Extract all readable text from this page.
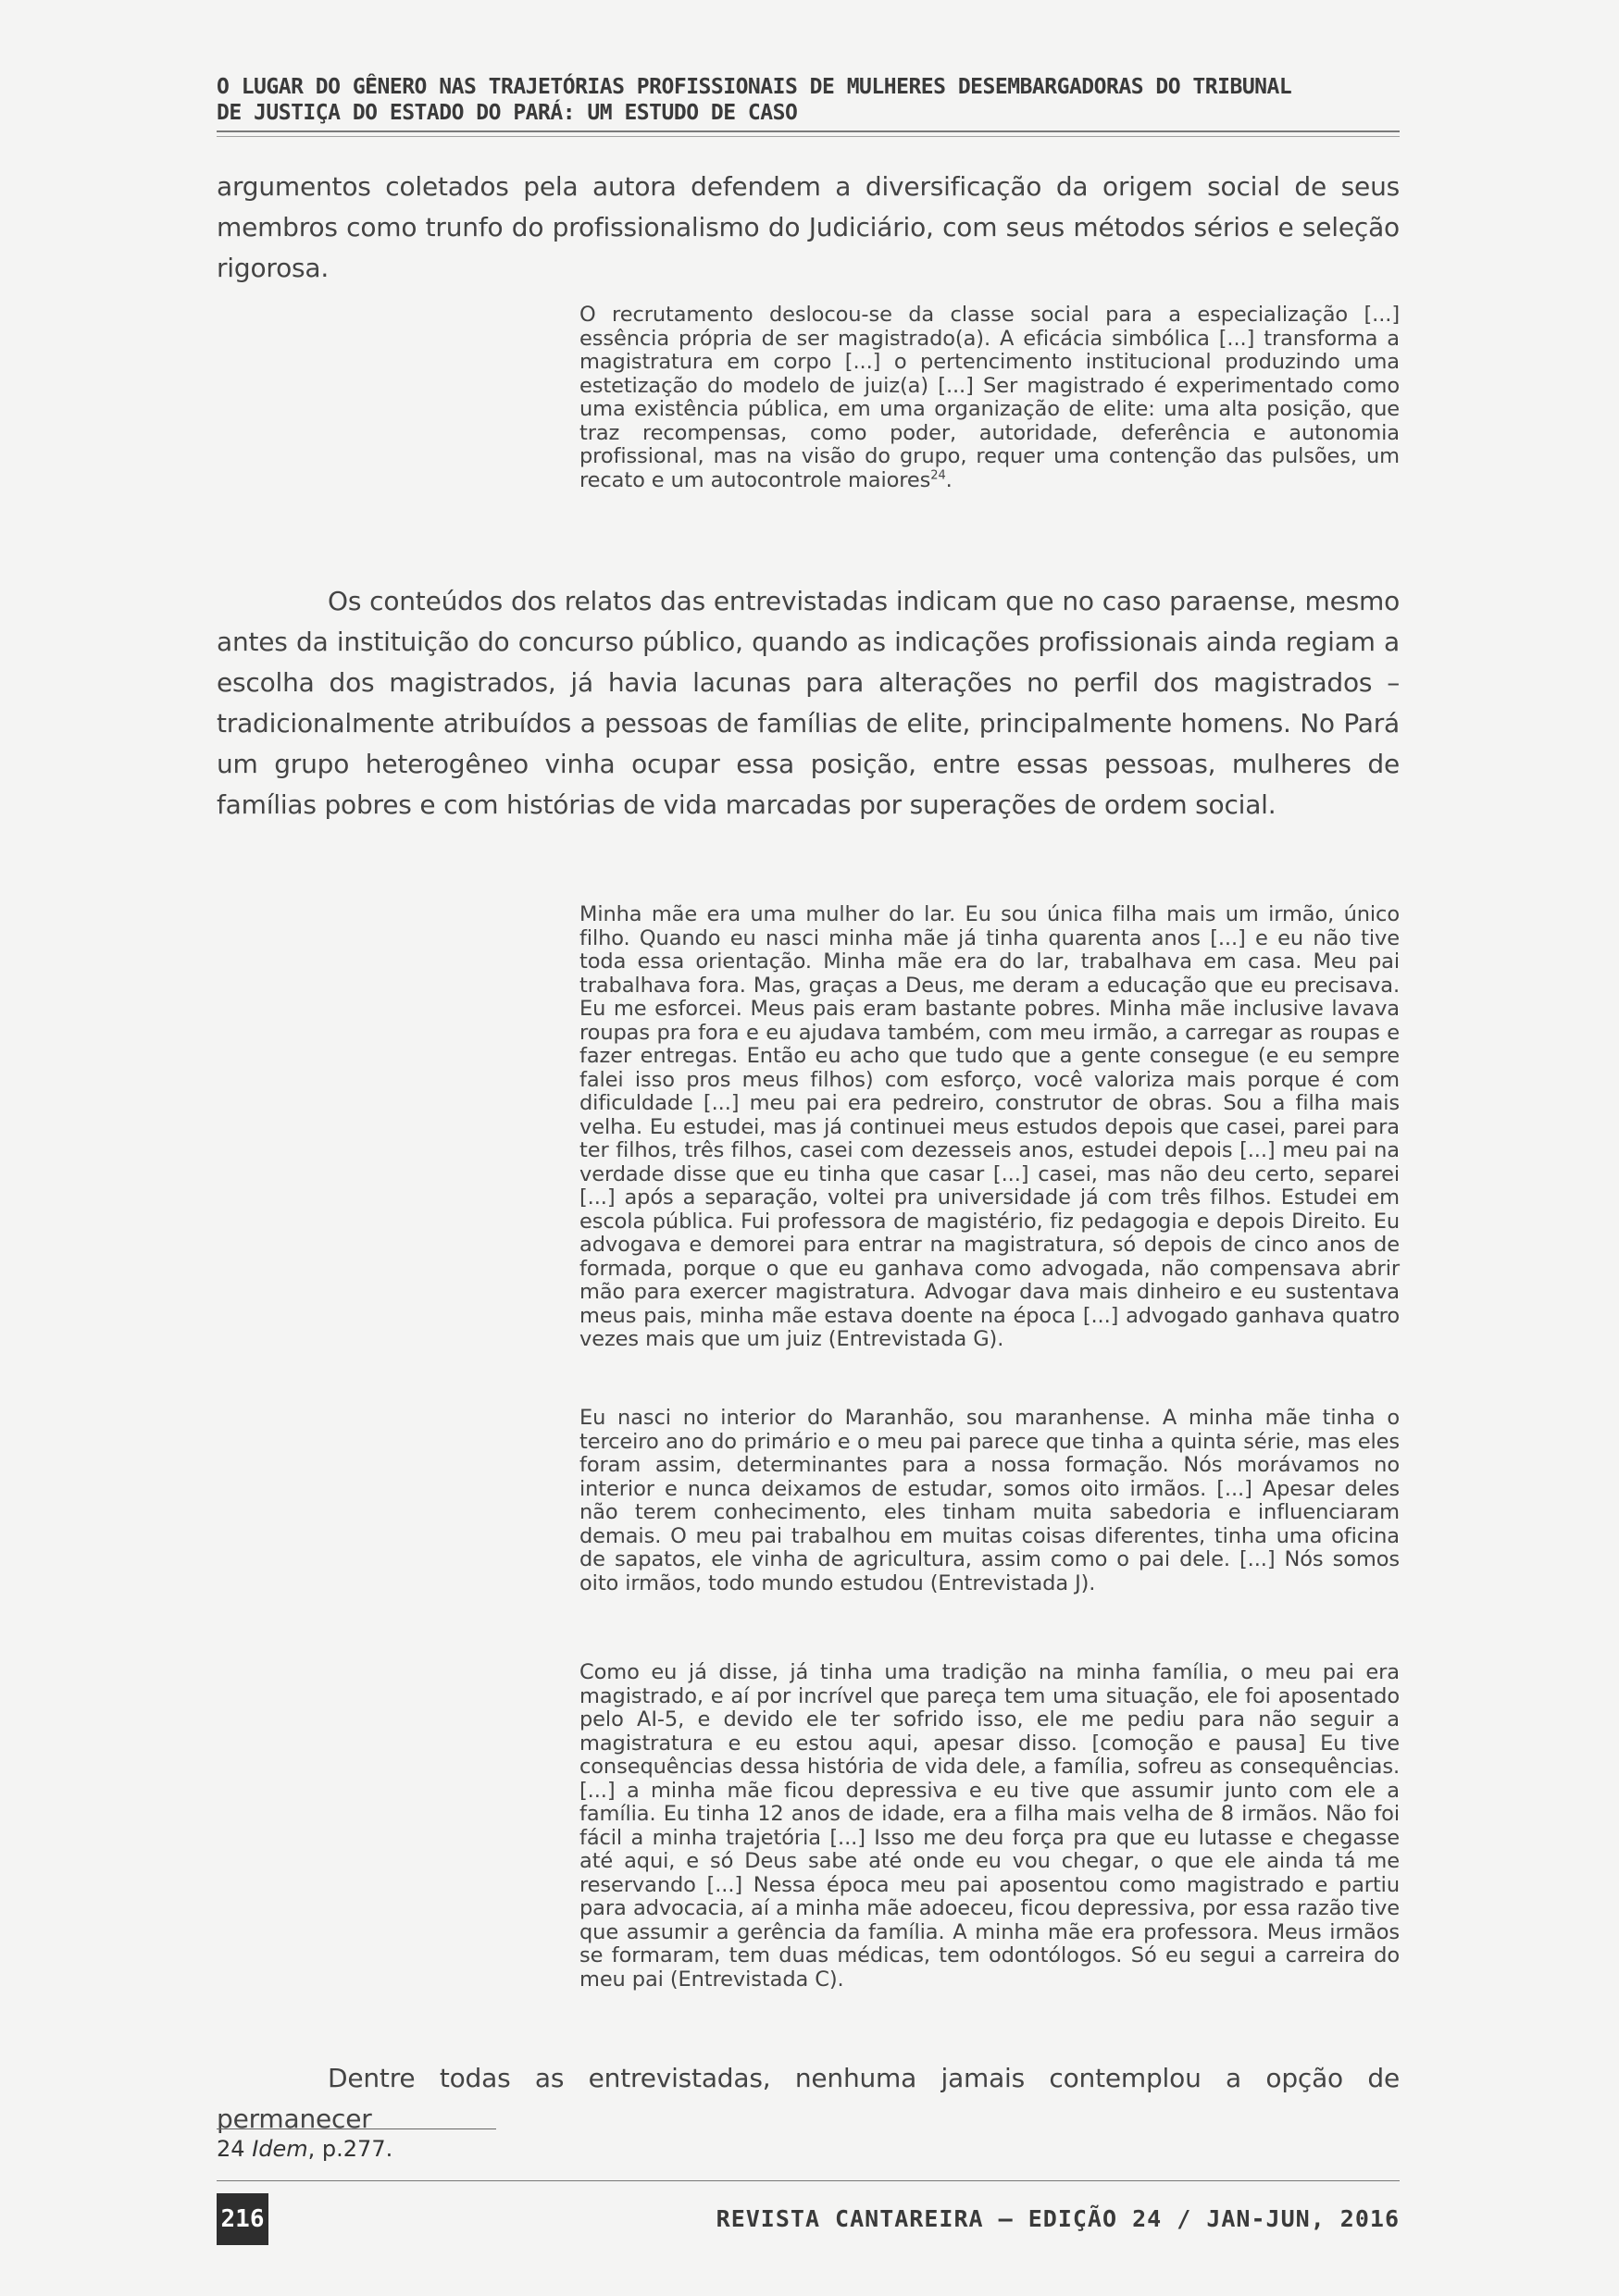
O LUGAR DO GÊNERO NAS TRAJETÓRIAS PROFISSIONAIS DE MULHERES DESEMBARGADORAS DO TRIBUNAL
DE JUSTIÇA DO ESTADO DO PARÁ: UM ESTUDO DE CASO

argumentos coletados pela autora defendem a diversificação da origem social de seus membros como trunfo do profissionalismo do Judiciário, com seus métodos sérios e seleção rigorosa.

O recrutamento deslocou-se da classe social para a especialização [...] essência própria de ser magistrado(a). A eficácia simbólica [...] transforma a magistratura em corpo [...] o pertencimento institucional produzindo uma estetização do modelo de juiz(a) [...] Ser magistrado é experimentado como uma existência pública, em uma organização de elite: uma alta posição, que traz recompensas, como poder, autoridade, deferência e autonomia profissional, mas na visão do grupo, requer uma contenção das pulsões, um recato e um autocontrole maiores$^{24}$.

Os conteúdos dos relatos das entrevistadas indicam que no caso paraense, mesmo antes da instituição do concurso público, quando as indicações profissionais ainda regiam a escolha dos magistrados, já havia lacunas para alterações no perfil dos magistrados – tradicionalmente atribuídos a pessoas de famílias de elite, principalmente homens. No Pará um grupo heterogêneo vinha ocupar essa posição, entre essas pessoas, mulheres de famílias pobres e com histórias de vida marcadas por superações de ordem social.

Minha mãe era uma mulher do lar. Eu sou única filha mais um irmão, único filho. Quando eu nasci minha mãe já tinha quarenta anos [...] e eu não tive toda essa orientação. Minha mãe era do lar, trabalhava em casa. Meu pai trabalhava fora. Mas, graças a Deus, me deram a educação que eu precisava. Eu me esforcei. Meus pais eram bastante pobres. Minha mãe inclusive lavava roupas pra fora e eu ajudava também, com meu irmão, a carregar as roupas e fazer entregas. Então eu acho que tudo que a gente consegue (e eu sempre falei isso pros meus filhos) com esforço, você valoriza mais porque é com dificuldade [...] meu pai era pedreiro, construtor de obras. Sou a filha mais velha. Eu estudei, mas já continuei meus estudos depois que casei, parei para ter filhos, três filhos, casei com dezesseis anos, estudei depois [...] meu pai na verdade disse que eu tinha que casar [...] casei, mas não deu certo, separei [...] após a separação, voltei pra universidade já com três filhos. Estudei em escola pública. Fui professora de magistério, fiz pedagogia e depois Direito. Eu advogava e demorei para entrar na magistratura, só depois de cinco anos de formada, porque o que eu ganhava como advogada, não compensava abrir mão para exercer magistratura. Advogar dava mais dinheiro e eu sustentava meus pais, minha mãe estava doente na época [...] advogado ganhava quatro vezes mais que um juiz (Entrevistada G).

Eu nasci no interior do Maranhão, sou maranhense. A minha mãe tinha o terceiro ano do primário e o meu pai parece que tinha a quinta série, mas eles foram assim, determinantes para a nossa formação. Nós morávamos no interior e nunca deixamos de estudar, somos oito irmãos. [...] Apesar deles não terem conhecimento, eles tinham muita sabedoria e influenciaram demais. O meu pai trabalhou em muitas coisas diferentes, tinha uma oficina de sapatos, ele vinha de agricultura, assim como o pai dele. [...] Nós somos oito irmãos, todo mundo estudou (Entrevistada J).

Como eu já disse, já tinha uma tradição na minha família, o meu pai era magistrado, e aí por incrível que pareça tem uma situação, ele foi aposentado pelo AI-5, e devido ele ter sofrido isso, ele me pediu para não seguir a magistratura e eu estou aqui, apesar disso. [comoção e pausa] Eu tive consequências dessa história de vida dele, a família, sofreu as consequências. [...] a minha mãe ficou depressiva e eu tive que assumir junto com ele a família. Eu tinha 12 anos de idade, era a filha mais velha de 8 irmãos. Não foi fácil a minha trajetória [...] Isso me deu força pra que eu lutasse e chegasse até aqui, e só Deus sabe até onde eu vou chegar, o que ele ainda tá me reservando [...] Nessa época meu pai aposentou como magistrado e partiu para advocacia, aí a minha mãe adoeceu, ficou depressiva, por essa razão tive que assumir a gerência da família. A minha mãe era professora. Meus irmãos se formaram, tem duas médicas, tem odontólogos. Só eu segui a carreira do meu pai (Entrevistada C).

Dentre todas as entrevistadas, nenhuma jamais contemplou a opção de permanecer

24 Idem, p.277.
216	REVISTA CANTAREIRA – EDIÇÃO 24 / JAN-JUN, 2016
